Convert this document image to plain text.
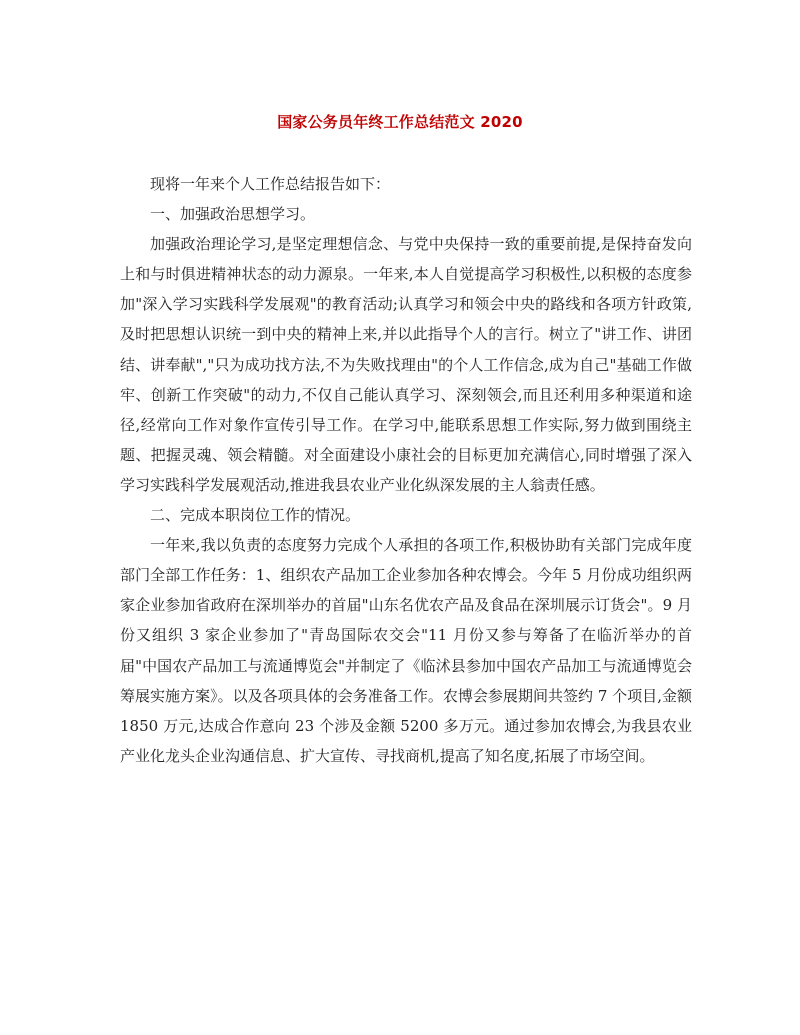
国家公务员年终工作总结范文 2020

现将一年来个人工作总结报告如下：

一、加强政治思想学习。

加强政治理论学习,是坚定理想信念、与党中央保持一致的重要前提,是保持奋发向上和与时俱进精神状态的动力源泉。一年来,本人自觉提高学习积极性,以积极的态度参加"深入学习实践科学发展观"的教育活动;认真学习和领会中央的路线和各项方针政策,及时把思想认识统一到中央的精神上来,并以此指导个人的言行。树立了"讲工作、讲团结、讲奉献","只为成功找方法,不为失败找理由"的个人工作信念,成为自己"基础工作做牢、创新工作突破"的动力,不仅自己能认真学习、深刻领会,而且还利用多种渠道和途径,经常向工作对象作宣传引导工作。在学习中,能联系思想工作实际,努力做到围绕主题、把握灵魂、领会精髓。对全面建设小康社会的目标更加充满信心,同时增强了深入学习实践科学发展观活动,推进我县农业产业化纵深发展的主人翁责任感。

二、完成本职岗位工作的情况。

一年来,我以负责的态度努力完成个人承担的各项工作,积极协助有关部门完成年度部门全部工作任务：1、组织农产品加工企业参加各种农博会。今年 5 月份成功组织两家企业参加省政府在深圳举办的首届"山东名优农产品及食品在深圳展示订货会"。9 月份又组织 3 家企业参加了"青岛国际农交会"11 月份又参与筹备了在临沂举办的首届"中国农产品加工与流通博览会"并制定了《临沭县参加中国农产品加工与流通博览会筹展实施方案》。以及各项具体的会务准备工作。农博会参展期间共签约 7 个项目,金额 1850 万元,达成合作意向 23 个涉及金额 5200 多万元。通过参加农博会,为我县农业产业化龙头企业沟通信息、扩大宣传、寻找商机,提高了知名度,拓展了市场空间。
